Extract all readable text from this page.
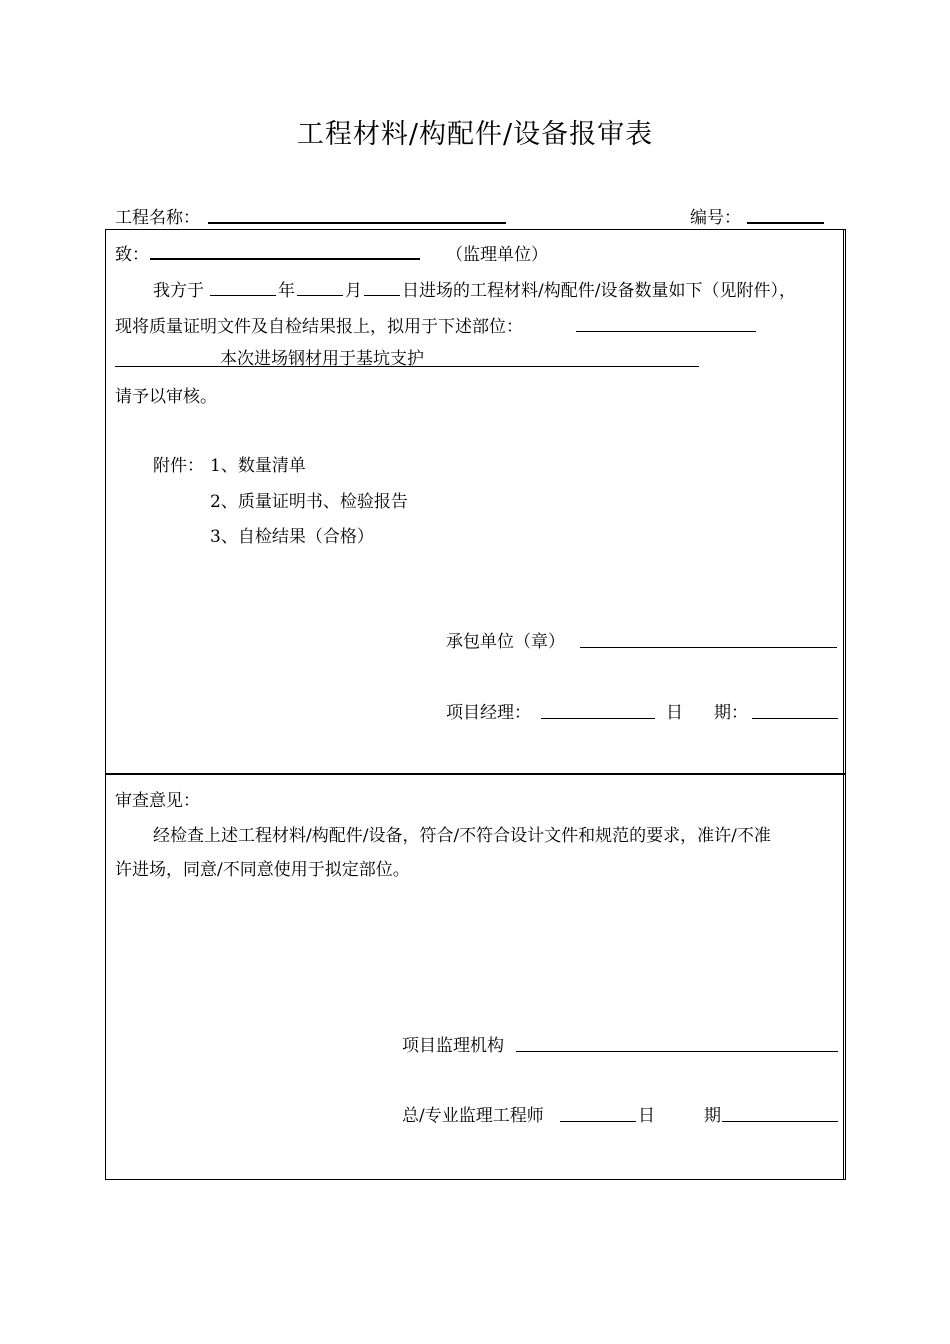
工程材料/构配件/设备报审表
工程名称：	编号：
致：	（监理单位）
我方于	年	月 日进场的工程材料/构配件/设备数量如下（见附件），
现将质量证明文件及自检结果报上，拟用于下述部位：
本次进场钢材用于基坑支护
请予以审核。
附件： 1、数量清单
2、质量证明书、检验报告
3、自检结果（合格）
承包单位（章）
项目经理：	日 期：
审查意见：
经检查上述工程材料/构配件/设备，符合/不符合设计文件和规范的要求，准许/不准
许进场，同意/不同意使用于拟定部位。
项目监理机构
总/专业监理工程师	日	期
